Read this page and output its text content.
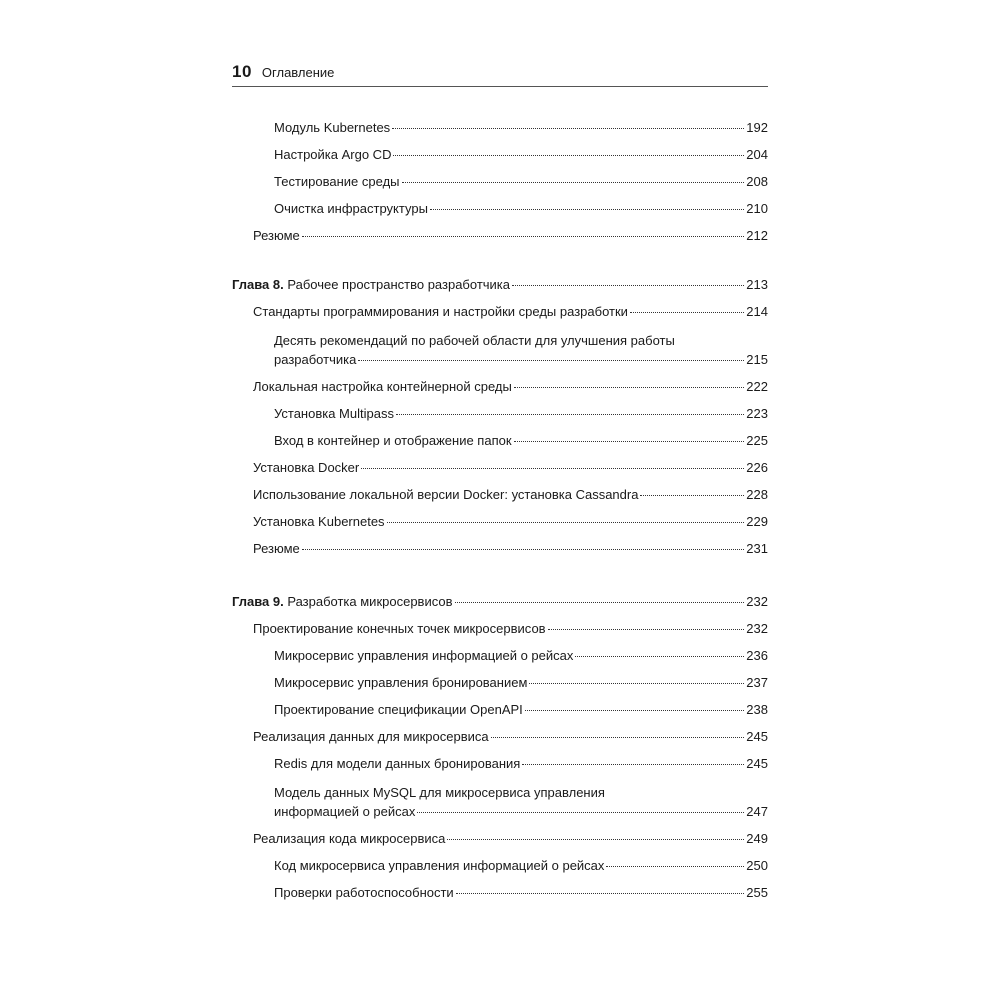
10 Оглавление
Модуль Kubernetes	192
Настройка Argo CD	204
Тестирование среды	208
Очистка инфраструктуры	210
Резюме	212
Глава 8. Рабочее пространство разработчика	213
Стандарты программирования и настройки среды разработки	214
Десять рекомендаций по рабочей области для улучшения работы
разработчика	215
Локальная настройка контейнерной среды	222
Установка Multipass	223
Вход в контейнер и отображение папок	225
Установка Docker	226
Использование локальной версии Docker: установка Cassandra	228
Установка Kubernetes	229
Резюме	231
Глава 9. Разработка микросервисов	232
Проектирование конечных точек микросервисов	232
Микросервис управления информацией о рейсах	236
Микросервис управления бронированием	237
Проектирование спецификации OpenAPI	238
Реализация данных для микросервиса	245
Redis для модели данных бронирования	245
Модель данных MySQL для микросервиса управления
информацией о рейсах	247
Реализация кода микросервиса	249
Код микросервиса управления информацией о рейсах	250
Проверки работоспособности	255
